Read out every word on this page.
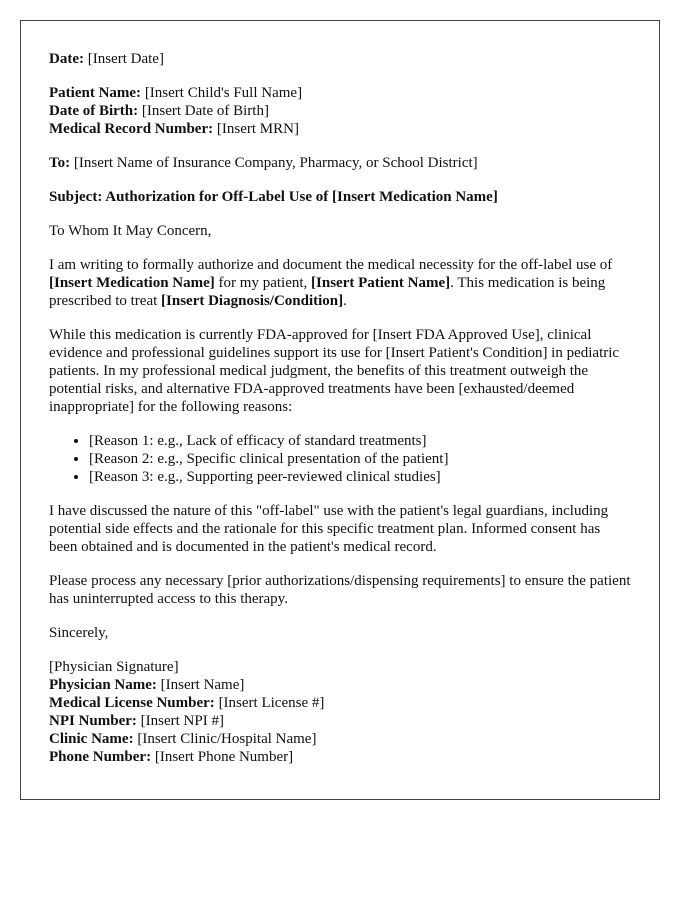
Date: [Insert Date]

Patient Name: [Insert Child's Full Name]
Date of Birth: [Insert Date of Birth]
Medical Record Number: [Insert MRN]

To: [Insert Name of Insurance Company, Pharmacy, or School District]

Subject: Authorization for Off-Label Use of [Insert Medication Name]

To Whom It May Concern,

I am writing to formally authorize and document the medical necessity for the off-label use of [Insert Medication Name] for my patient, [Insert Patient Name]. This medication is being prescribed to treat [Insert Diagnosis/Condition].

While this medication is currently FDA-approved for [Insert FDA Approved Use], clinical evidence and professional guidelines support its use for [Insert Patient's Condition] in pediatric patients. In my professional medical judgment, the benefits of this treatment outweigh the potential risks, and alternative FDA-approved treatments have been [exhausted/deemed inappropriate] for the following reasons:

• [Reason 1: e.g., Lack of efficacy of standard treatments]
• [Reason 2: e.g., Specific clinical presentation of the patient]
• [Reason 3: e.g., Supporting peer-reviewed clinical studies]

I have discussed the nature of this "off-label" use with the patient's legal guardians, including potential side effects and the rationale for this specific treatment plan. Informed consent has been obtained and is documented in the patient's medical record.

Please process any necessary [prior authorizations/dispensing requirements] to ensure the patient has uninterrupted access to this therapy.

Sincerely,

[Physician Signature]
Physician Name: [Insert Name]
Medical License Number: [Insert License #]
NPI Number: [Insert NPI #]
Clinic Name: [Insert Clinic/Hospital Name]
Phone Number: [Insert Phone Number]
